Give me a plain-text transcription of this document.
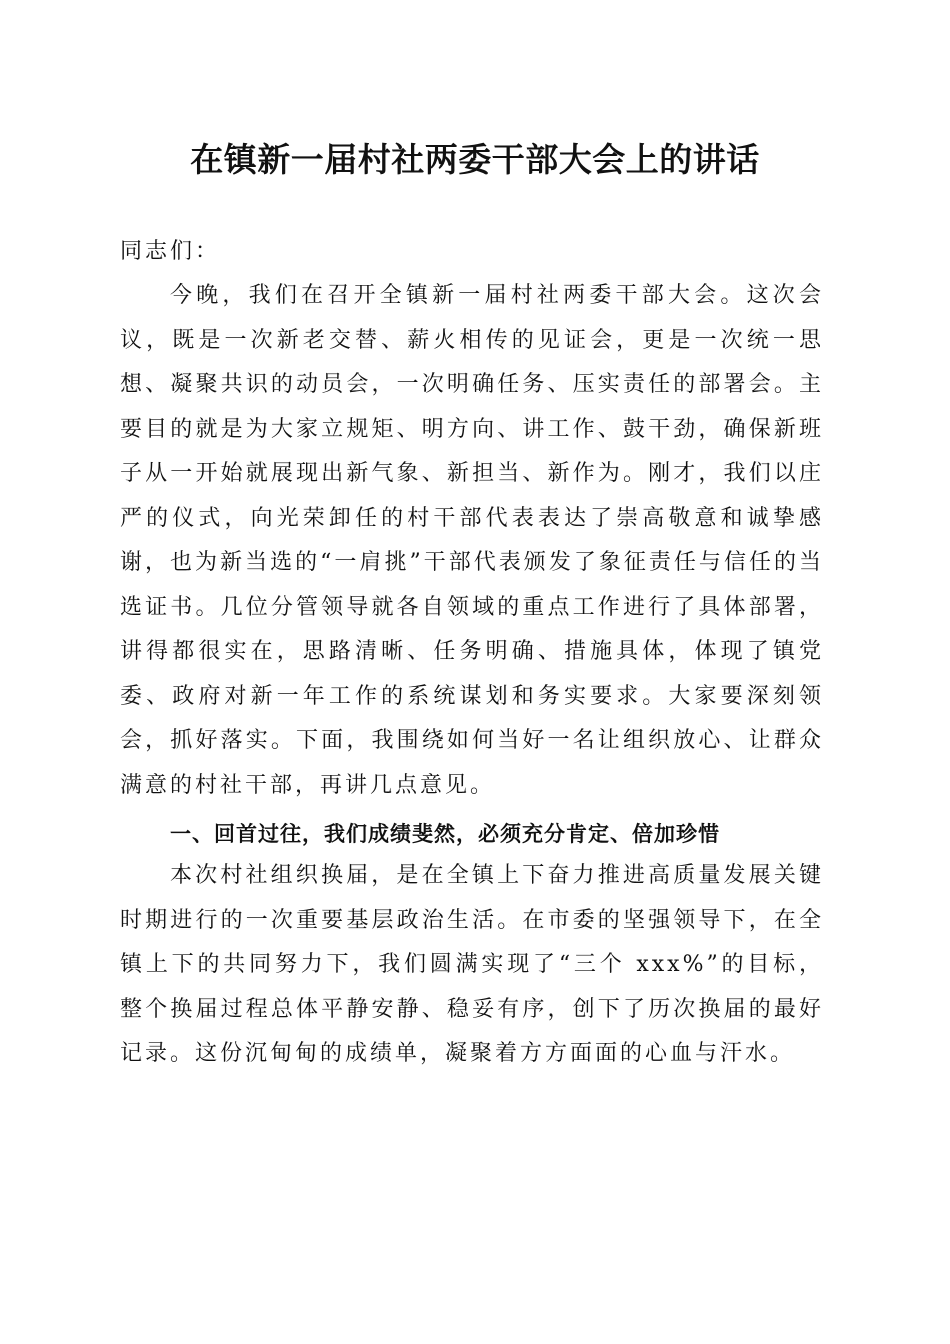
在镇新一届村社两委干部大会上的讲话

同志们：

今晚，我们在召开全镇新一届村社两委干部大会。这次会议，既是一次新老交替、薪火相传的见证会，更是一次统一思想、凝聚共识的动员会，一次明确任务、压实责任的部署会。主要目的就是为大家立规矩、明方向、讲工作、鼓干劲，确保新班子从一开始就展现出新气象、新担当、新作为。刚才，我们以庄严的仪式，向光荣卸任的村干部代表表达了崇高敬意和诚挚感谢，也为新当选的“一肩挑”干部代表颁发了象征责任与信任的当选证书。几位分管领导就各自领域的重点工作进行了具体部署，讲得都很实在，思路清晰、任务明确、措施具体，体现了镇党委、政府对新一年工作的系统谋划和务实要求。大家要深刻领会，抓好落实。下面，我围绕如何当好一名让组织放心、让群众满意的村社干部，再讲几点意见。

一、回首过往，我们成绩斐然，必须充分肯定、倍加珍惜

本次村社组织换届，是在全镇上下奋力推进高质量发展关键时期进行的一次重要基层政治生活。在市委的坚强领导下，在全镇上下的共同努力下，我们圆满实现了“三个 xxx%”的目标，整个换届过程总体平静安静、稳妥有序，创下了历次换届的最好记录。这份沉甸甸的成绩单，凝聚着方方面面的心血与汗水。
